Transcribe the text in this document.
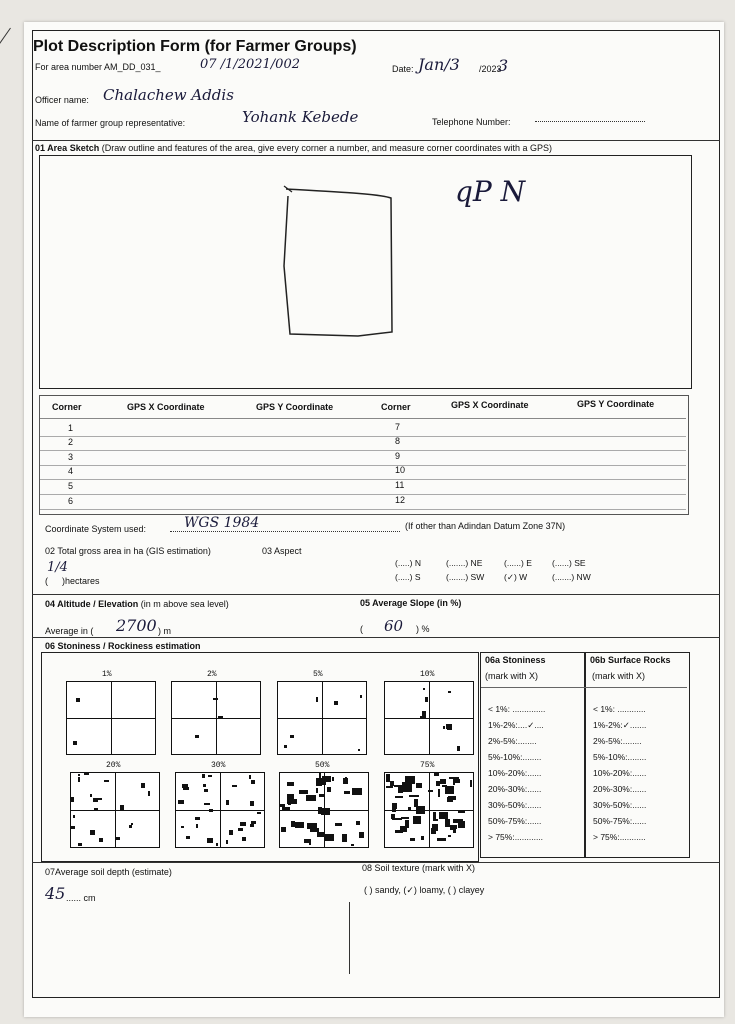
Plot Description Form (for Farmer Groups)
For area number AM_DD_031_	07 /1/2021/002	Date: Jan/3 /2023
3
Officer name: Chalachew Addis
Name of farmer group representative:	Yohank Kebede	Telephone Number:
01 Area Sketch (Draw outline and features of the area, give every corner a number, and measure corner coordinates with a GPS)
qP N
Corner	GPS X Coordinate	GPS Y Coordinate	Corner	GPS X Coordinate	GPS Y Coordinate
1	7
2	8
3	9
4	10
5	11
6	12
Coordinate System used:	WGS 1984	(If other than Adindan Datum Zone 37N)
02 Total gross area in ha (GIS estimation)	03 Aspect
1/4
( )hectares
(.....) N	(.......) NE	(......) E (......) SE
(.....) S	(.......) SW (✓) W	(.......) NW
04 Altitude / Elevation (in m above sea level)	05 Average Slope (in %)
Average in ( 2700 ) m	( 60 ) %
06 Stoniness / Rockiness estimation
06a Stoniness
(mark with X)
06b Surface Rocks
(mark with X)
< 1%: ..............
1%-2%:....✓....
2%-5%:........
5%-10%:........
10%-20%:......
20%-30%:......
30%-50%:......
50%-75%:......
> 75%:............
< 1%: ............
1%-2%:✓.......
2%-5%:........
5%-10%:........
10%-20%:......
20%-30%:......
30%-50%:......
50%-75%:......
> 75%:...........
1%	2%	5%	10%
20%	30%	50%	75%
07Average soil depth (estimate)
45 ...... cm
08 Soil texture (mark with X)
( ) sandy, (✓) loamy, ( ) clayey
